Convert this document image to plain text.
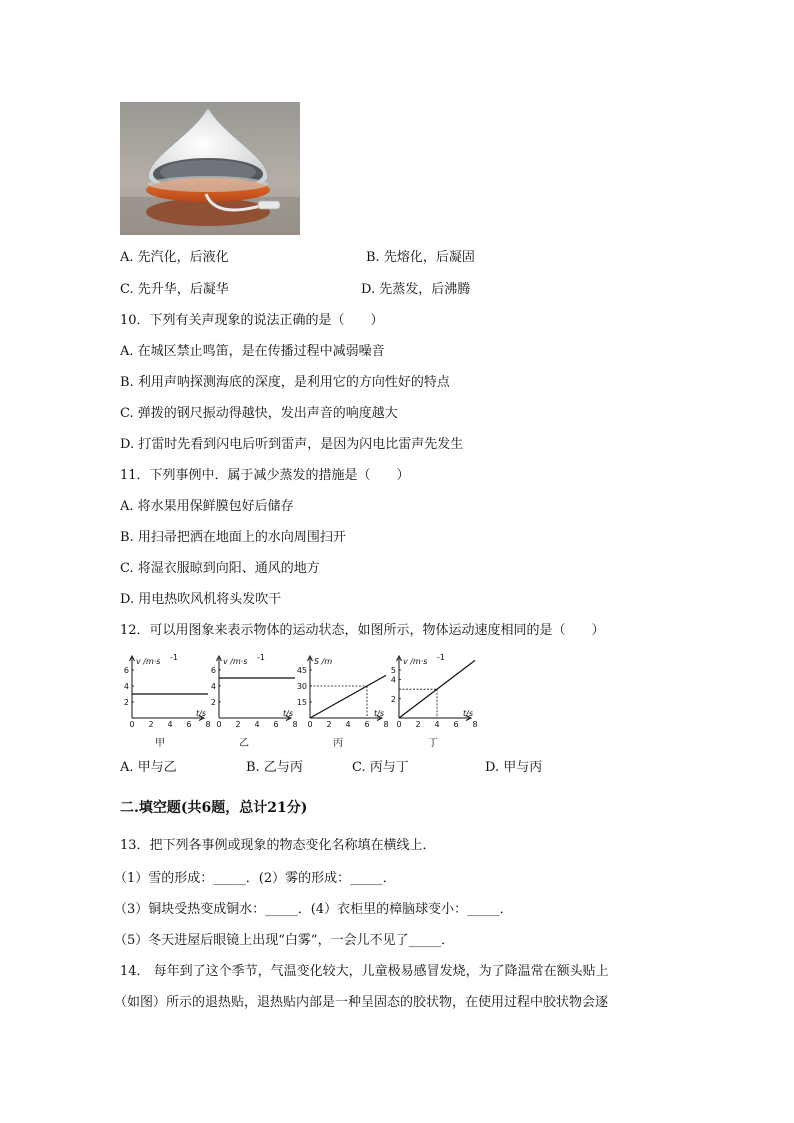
A. 先汽化，后液化	B. 先熔化，后凝固
C. 先升华，后凝华	D. 先蒸发，后沸腾
10．下列有关声现象的说法正确的是（　　）
A. 在城区禁止鸣笛，是在传播过程中减弱噪音
B. 利用声呐探测海底的深度，是利用它的方向性好的特点
C. 弹拨的钢尺振动得越快，发出声音的响度越大
D. 打雷时先看到闪电后听到雷声，是因为闪电比雷声先发生
11．下列事例中．属于减少蒸发的措施是（　　）
A. 将水果用保鲜膜包好后储存
B. 用扫帚把洒在地面上的水向周围扫开
C. 将湿衣服晾到向阳、通风的地方
D. 用电热吹风机将头发吹干
12．可以用图象来表示物体的运动状态，如图所示，物体运动速度相同的是（　　）
v /m·s -1
6
4
2
0 2 4 6 8
t/s
v /m·s -1
6
4
2
0 2 4 6 8
t/s
S /m
45
30
15
0 2 4 6 8
t/s
v /m·s -1
5
4
2
0 2 4 6 8
t/s
甲	乙	丙	丁
A. 甲与乙	B. 乙与丙	C. 丙与丁	D. 甲与丙
二.填空题(共6题，总计21分)
13．把下列各事例或现象的物态变化名称填在横线上．
（1）雪的形成：_____．(2）雾的形成：_____．
（3）铜块受热变成铜水：_____．(4）衣柜里的樟脑球变小：_____．
（5）冬天进屋后眼镜上出现“白雾”，一会儿不见了_____．
14． 每年到了这个季节，气温变化较大，儿童极易感冒发烧，为了降温常在额头贴上
（如图）所示的退热贴，退热贴内部是一种呈固态的胶状物，在使用过程中胶状物会逐
